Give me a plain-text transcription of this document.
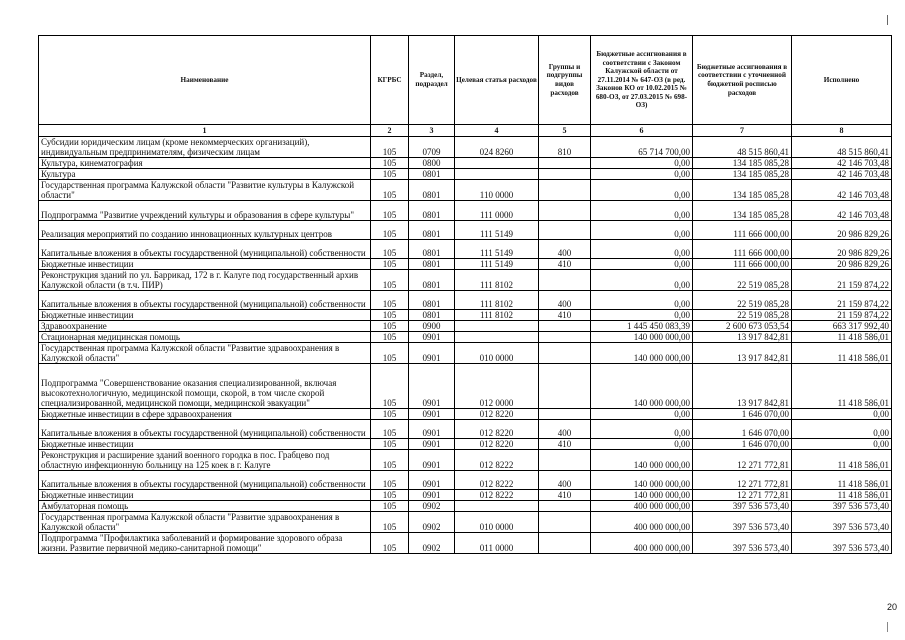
Наименование	КГРБС	Раздел, подраздел	Целевая статья расходов	Группы и подгруппы видов расходов	Бюджетные ассигнования в соответствии с Законом Калужской области от 27.11.2014 № 647-ОЗ (в ред. Законов КО от 10.02.2015 № 680-ОЗ, от 27.03.2015 № 698-ОЗ)	Бюджетные ассигнования в соответствии с уточненной бюджетной росписью расходов	Исполнено
1	2	3	4	5	6	7	8
Субсидии юридическим лицам (кроме некоммерческих организаций), индивидуальным предпринимателям, физическим лицам	105	0709	024 8260	810	65 714 700,00	48 515 860,41	48 515 860,41
Культура, кинематография	105	0800			0,00	134 185 085,28	42 146 703,48
Культура	105	0801			0,00	134 185 085,28	42 146 703,48
Государственная программа Калужской области "Развитие культуры в Калужской области"	105	0801	110 0000		0,00	134 185 085,28	42 146 703,48
Подпрограмма "Развитие учреждений культуры и образования в сфере культуры"	105	0801	111 0000		0,00	134 185 085,28	42 146 703,48
Реализация мероприятий по созданию инновационных культурных центров	105	0801	111 5149		0,00	111 666 000,00	20 986 829,26
Капитальные вложения в объекты государственной (муниципальной) собственности	105	0801	111 5149	400	0,00	111 666 000,00	20 986 829,26
Бюджетные инвестиции	105	0801	111 5149	410	0,00	111 666 000,00	20 986 829,26
Реконструкция зданий по ул. Баррикад, 172 в г. Калуге под государственный архив Калужской области (в т.ч. ПИР)	105	0801	111 8102		0,00	22 519 085,28	21 159 874,22
Капитальные вложения в объекты государственной (муниципальной) собственности	105	0801	111 8102	400	0,00	22 519 085,28	21 159 874,22
Бюджетные инвестиции	105	0801	111 8102	410	0,00	22 519 085,28	21 159 874,22
Здравоохранение	105	0900			1 445 450 083,39	2 600 673 053,54	663 317 992,40
Стационарная медицинская помощь	105	0901			140 000 000,00	13 917 842,81	11 418 586,01
Государственная программа Калужской области "Развитие здравоохранения в Калужской области"	105	0901	010 0000		140 000 000,00	13 917 842,81	11 418 586,01
Подпрограмма "Совершенствование оказания специализированной, включая высокотехнологичную, медицинской помощи, скорой, в том числе скорой специализированной, медицинской помощи, медицинской эвакуации"	105	0901	012 0000		140 000 000,00	13 917 842,81	11 418 586,01
Бюджетные инвестиции в сфере здравоохранения	105	0901	012 8220		0,00	1 646 070,00	0,00
Капитальные вложения в объекты государственной (муниципальной) собственности	105	0901	012 8220	400	0,00	1 646 070,00	0,00
Бюджетные инвестиции	105	0901	012 8220	410	0,00	1 646 070,00	0,00
Реконструкция и расширение зданий военного городка в пос. Грабцево под областную инфекционную больницу на 125 коек в г. Калуге	105	0901	012 8222		140 000 000,00	12 271 772,81	11 418 586,01
Капитальные вложения в объекты государственной (муниципальной) собственности	105	0901	012 8222	400	140 000 000,00	12 271 772,81	11 418 586,01
Бюджетные инвестиции	105	0901	012 8222	410	140 000 000,00	12 271 772,81	11 418 586,01
Амбулаторная помощь	105	0902			400 000 000,00	397 536 573,40	397 536 573,40
Государственная программа Калужской области "Развитие здравоохранения в Калужской области"	105	0902	010 0000		400 000 000,00	397 536 573,40	397 536 573,40
Подпрограмма "Профилактика заболеваний и формирование здорового образа жизни. Развитие первичной медико-санитарной помощи"	105	0902	011 0000		400 000 000,00	397 536 573,40	397 536 573,40
20
